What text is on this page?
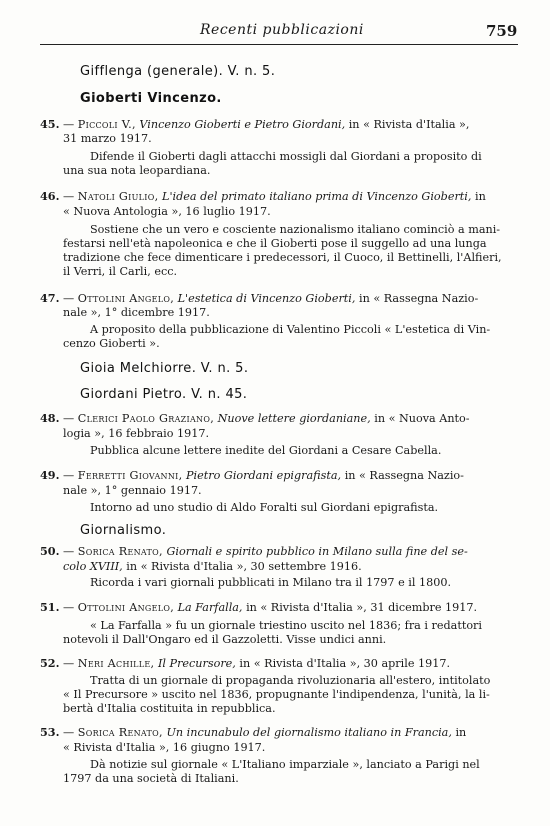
Recenti pubblicazioni	759
Gifflenga (generale). V. n. 5.
Gioberti Vincenzo.
45. — Piccoli V., Vincenzo Gioberti e Pietro Giordani, in « Rivista d'Italia »,
31 marzo 1917.
Difende il Gioberti dagli attacchi mossigli dal Giordani a proposito di
una sua nota leopardiana.
46. — Natoli Giulio, L'idea del primato italiano prima di Vincenzo Gioberti, in
« Nuova Antologia », 16 luglio 1917.
Sostiene che un vero e cosciente nazionalismo italiano cominciò a mani-
festarsi nell'età napoleonica e che il Gioberti pose il suggello ad una lunga
tradizione che fece dimenticare i predecessori, il Cuoco, il Bettinelli, l'Alfieri,
il Verri, il Carli, ecc.
47. — Ottolini Angelo, L'estetica di Vincenzo Gioberti, in « Rassegna Nazio-
nale », 1° dicembre 1917.
A proposito della pubblicazione di Valentino Piccoli « L'estetica di Vin-
cenzo Gioberti ».
Gioia Melchiorre. V. n. 5.
Giordani Pietro. V. n. 45.
48. — Clerici Paolo Graziano, Nuove lettere giordaniane, in « Nuova Anto-
logia », 16 febbraio 1917.
Pubblica alcune lettere inedite del Giordani a Cesare Cabella.
49. — Ferretti Giovanni, Pietro Giordani epigrafista, in « Rassegna Nazio-
nale », 1° gennaio 1917.
Intorno ad uno studio di Aldo Foralti sul Giordani epigrafista.
Giornalismo.
50. — Sorica Renato, Giornali e spirito pubblico in Milano sulla fine del se-
colo XVIII, in « Rivista d'Italia », 30 settembre 1916.
Ricorda i vari giornali pubblicati in Milano tra il 1797 e il 1800.
51. — Ottolini Angelo, La Farfalla, in « Rivista d'Italia », 31 dicembre 1917.
« La Farfalla » fu un giornale triestino uscito nel 1836; fra i redattori
notevoli il Dall'Ongaro ed il Gazzoletti. Visse undici anni.
52. — Neri Achille, Il Precursore, in « Rivista d'Italia », 30 aprile 1917.
Tratta di un giornale di propaganda rivoluzionaria all'estero, intitolato
« Il Precursore » uscito nel 1836, propugnante l'indipendenza, l'unità, la li-
bertà d'Italia costituita in repubblica.
53. — Sorica Renato, Un incunabulo del giornalismo italiano in Francia, in
« Rivista d'Italia », 16 giugno 1917.
Dà notizie sul giornale « L'Italiano imparziale », lanciato a Parigi nel
1797 da una società di Italiani.
